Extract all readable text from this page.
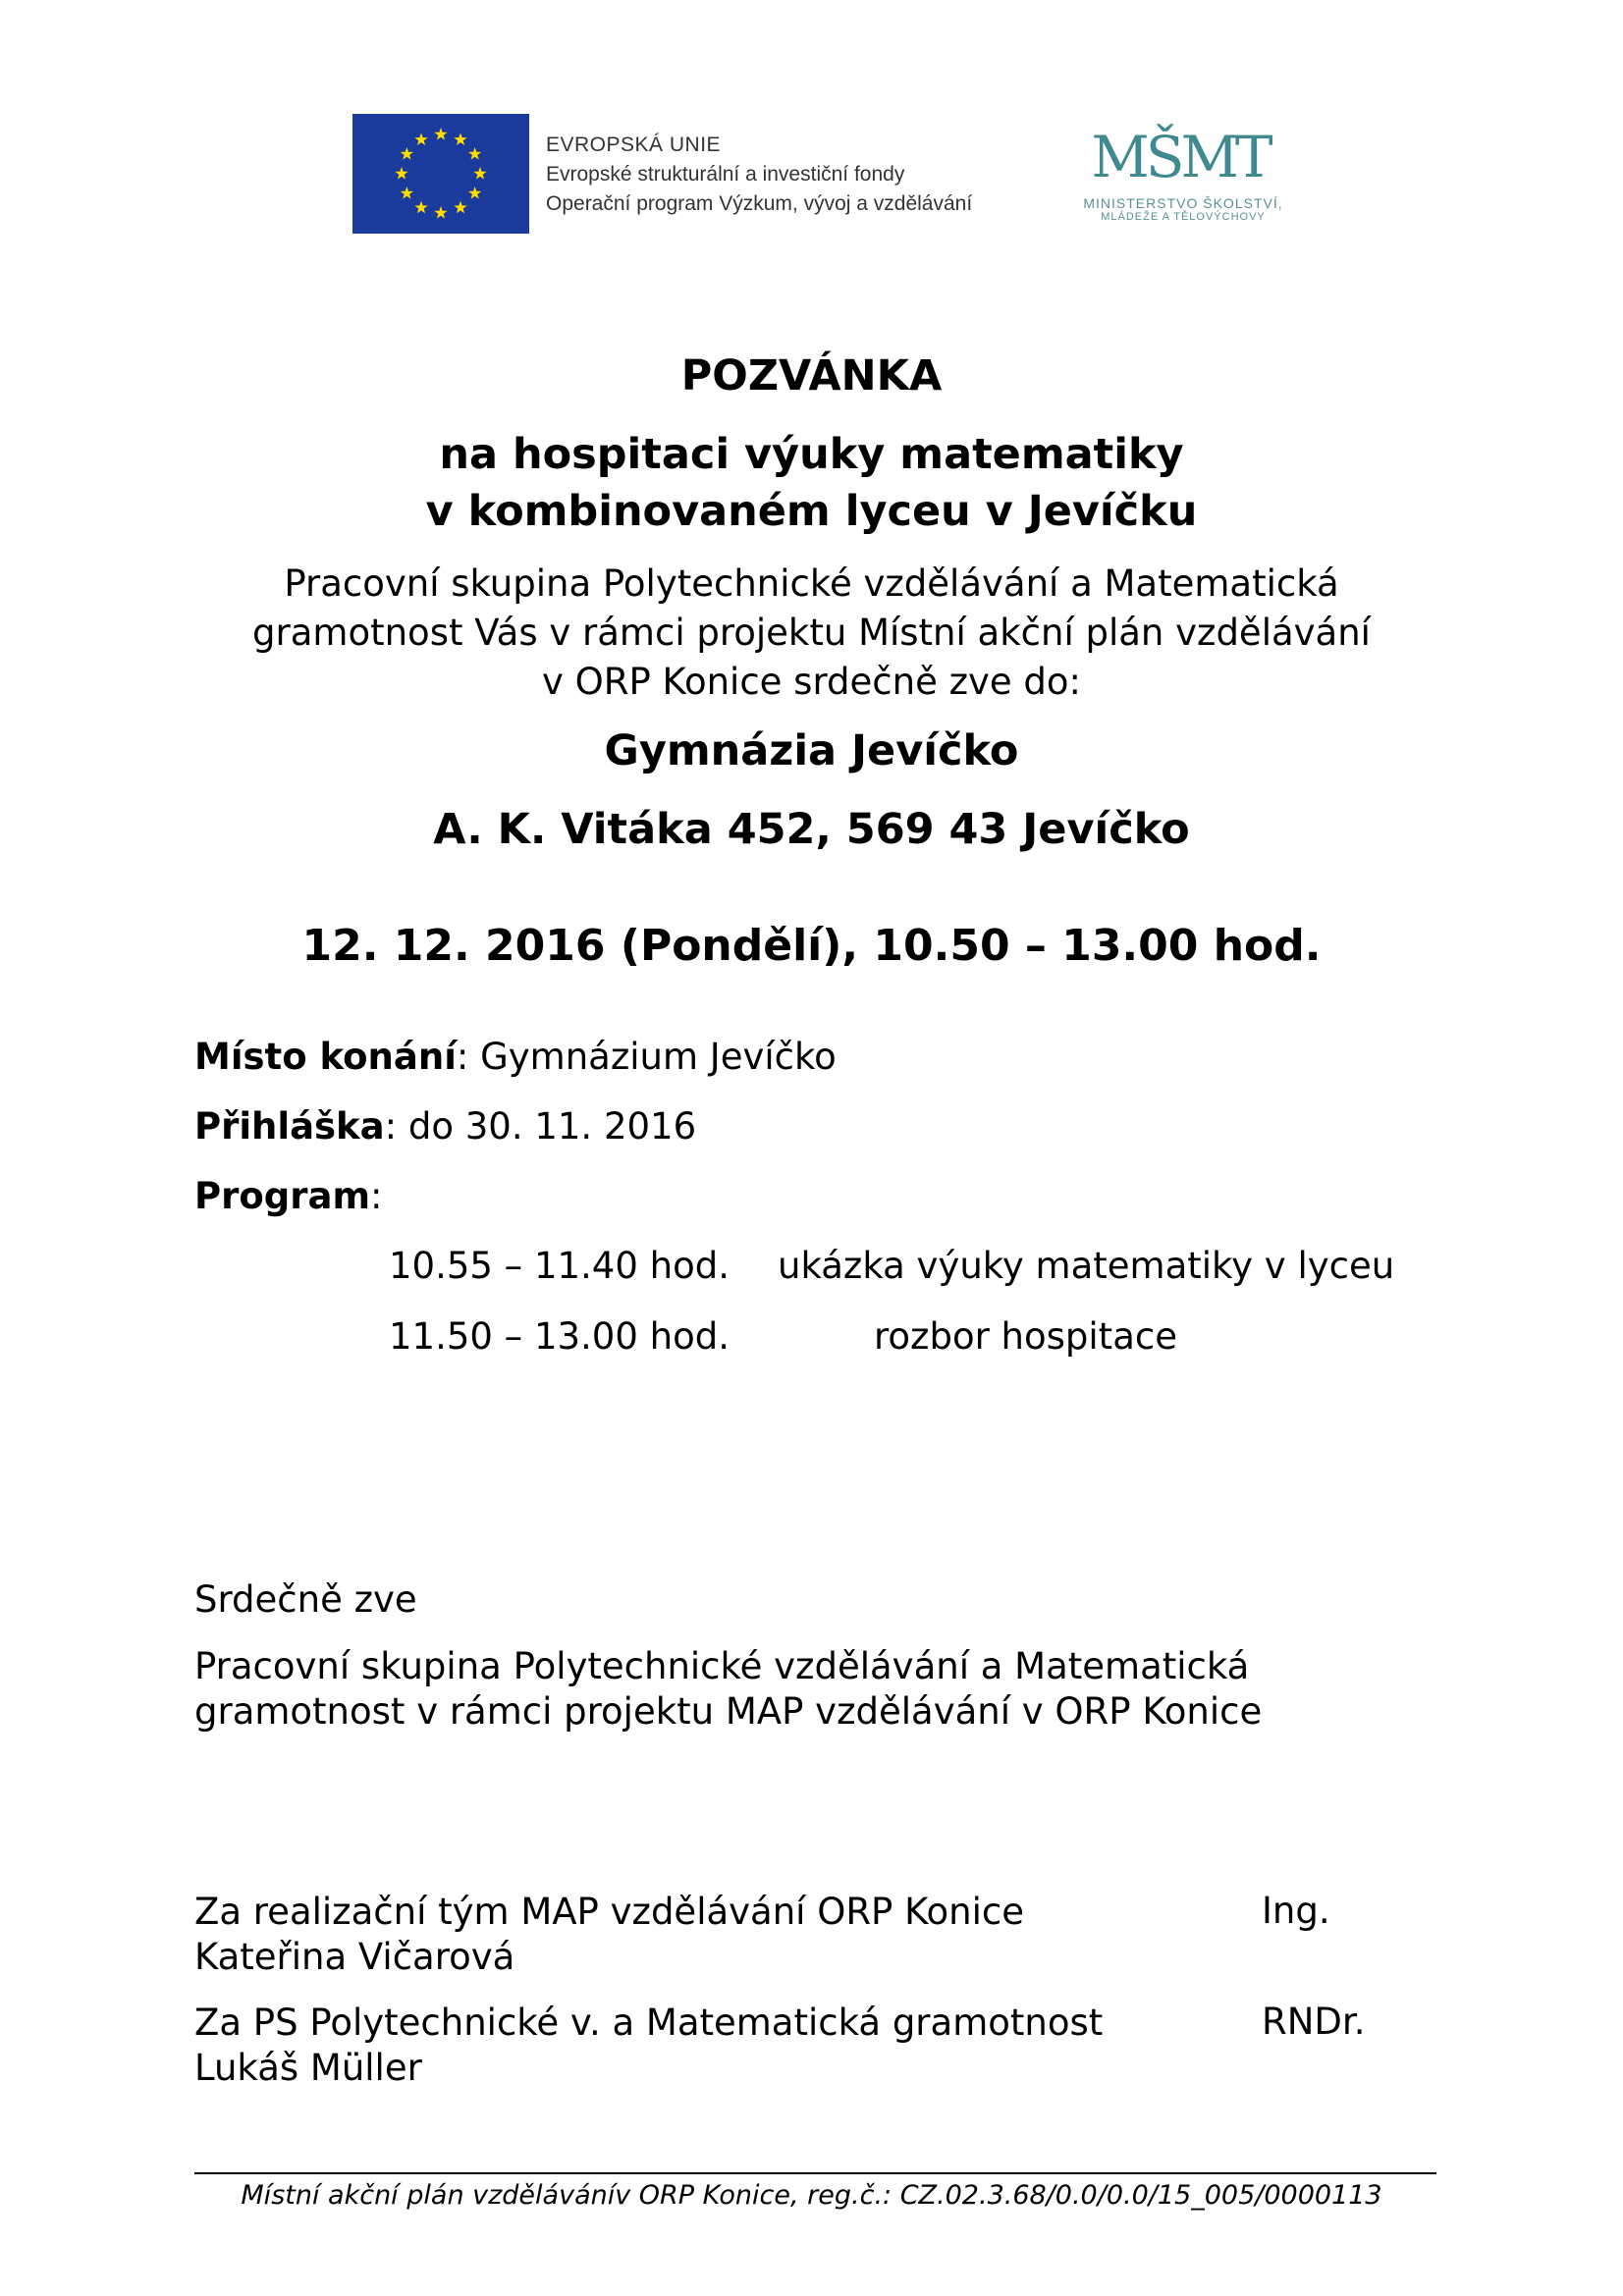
EVROPSKÁ UNIE
Evropské strukturální a investiční fondy
Operační program Výzkum, vývoj a vzdělávání
MŠMT
MINISTERSTVO ŠKOLSTVÍ,
MLÁDEŽE A TĚLOVÝCHOVY
POZVÁNKA
na hospitaci výuky matematiky
v kombinovaném lyceu v Jevíčku
Pracovní skupina Polytechnické vzdělávání a Matematická
gramotnost Vás v rámci projektu Místní akční plán vzdělávání
v ORP Konice srdečně zve do:
Gymnázia Jevíčko
A. K. Vitáka 452, 569 43 Jevíčko
12. 12. 2016 (Pondělí), 10.50 – 13.00 hod.
Místo konání: Gymnázium Jevíčko
Přihláška: do 30. 11. 2016
Program:
10.55 – 11.40 hod. ukázka výuky matematiky v lyceu
11.50 – 13.00 hod.	rozbor hospitace
Srdečně zve
Pracovní skupina Polytechnické vzdělávání a Matematická
gramotnost v rámci projektu MAP vzdělávání v ORP Konice
Za realizační tým MAP vzdělávání ORP Konice
Kateřina Vičarová
Ing.
Za PS Polytechnické v. a Matematická gramotnost
Lukáš Müller
RNDr.
Místní akční plán vzdělávánív ORP Konice, reg.č.: CZ.02.3.68/0.0/0.0/15_005/0000113
